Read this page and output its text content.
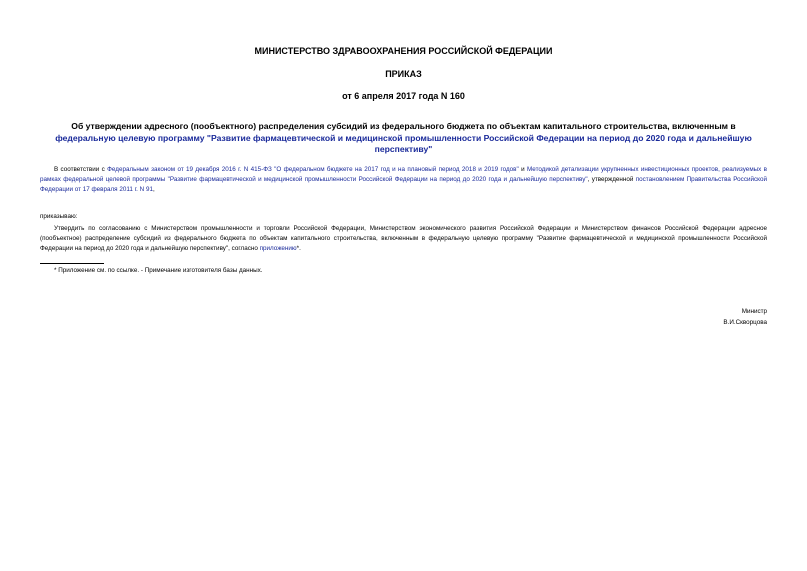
МИНИСТЕРСТВО ЗДРАВООХРАНЕНИЯ РОССИЙСКОЙ ФЕДЕРАЦИИ
ПРИКАЗ
от 6 апреля 2017 года N 160
Об утверждении адресного (пообъектного) распределения субсидий из федерального бюджета по объектам капитального строительства, включенным в федеральную целевую программу "Развитие фармацевтической и медицинской промышленности Российской Федерации на период до 2020 года и дальнейшую перспективу"
В соответствии с Федеральным законом от 19 декабря 2016 г. N 415-ФЗ "О федеральном бюджете на 2017 год и на плановый период 2018 и 2019 годов" и Методикой детализации укрупненных инвестиционных проектов, реализуемых в рамках федеральной целевой программы "Развитие фармацевтической и медицинской промышленности Российской Федерации на период до 2020 года и дальнейшую перспективу", утвержденной постановлением Правительства Российской Федерации от 17 февраля 2011 г. N 91,
приказываю:
Утвердить по согласованию с Министерством промышленности и торговли Российской Федерации, Министерством экономического развития Российской Федерации и Министерством финансов Российской Федерации адресное (пообъектное) распределение субсидий из федерального бюджета по объектам капитального строительства, включенным в федеральную целевую программу "Развитие фармацевтической и медицинской промышленности Российской Федерации на период до 2020 года и дальнейшую перспективу", согласно приложению*.
* Приложение см. по ссылке. - Примечание изготовителя базы данных.
Министр
В.И.Скворцова
